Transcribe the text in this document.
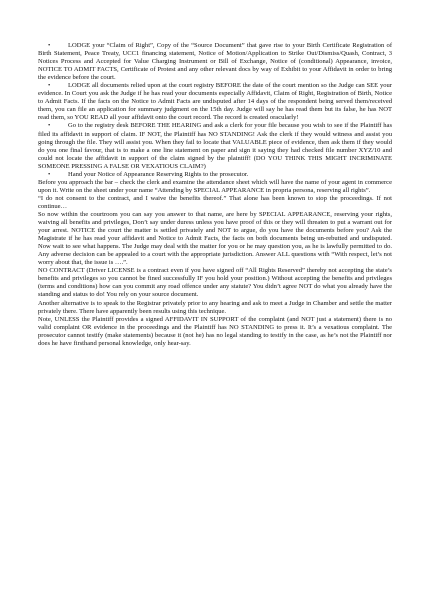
•	LODGE your “Claim of Right”, Copy of the “Source Document” that gave rise to your Birth Certificate Registration of Birth Statement, Peace Treaty, UCC1 financing statement, Notice of Motion/Application to Strike Out/Dismiss/Quash, Contract, 3 Notices Process and Accepted for Value Charging Instrument or Bill of Exchange, Notice of (conditional) Appearance, invoice, NOTICE TO ADMIT FACTS, Certificate of Protest and any other relevant docs by way of Exhibit to your Affidavit in order to bring the evidence before the court.

•	LODGE all documents relied upon at the court registry BEFORE the date of the court mention so the Judge can SEE your evidence. In Court you ask the Judge if he has read your documents especially Affidavit, Claim of Right, Registration of Birth, Notice to Admit Facts. If the facts on the Notice to Admit Facts are undisputed after 14 days of the respondent being served them/received them, you can file an application for summary judgment on the 15th day. Judge will say he has read them but its false, he has NOT read them, so YOU READ all your affidavit onto the court record. The record is created oracularly!

•	Go to the registry desk BEFORE THE HEARING and ask a clerk for your file because you wish to see if the Plaintiff has filed its affidavit in support of claim. IF NOT, the Plaintiff has NO STANDING! Ask the clerk if they would witness and assist you going through the file. They will assist you. When they fail to locate that VALUABLE piece of evidence, then ask them if they would do you one final favour, that is to make a one line statement on paper and sign it saying they had checked file number XYZ/10 and could not locate the affidavit in support of the claim signed by the plaintiff! (DO YOU THINK THIS MIGHT INCRIMINATE SOMEONE PRESSING A FALSE OR VEXATIOUS CLAIM?)

•	Hand your Notice of Appearance Reserving Rights to the prosecutor.

Before you approach the bar – check the clerk and examine the attendance sheet which will have the name of your agent in commerce upon it. Write on the sheet under your name “Attending by SPECIAL APPEARANCE in propria persona, reserving all rights”.

“I do not consent to the contract, and I waive the benefits thereof.” That alone has been known to stop the proceedings. If not continue…

So now within the courtroom you can say you answer to that name, are here by SPECIAL APPEARANCE, reserving your rights, waiving all benefits and privileges, Don’t say under duress unless you have proof of this or they will threaten to put a warrant out for your arrest. NOTICE the court the matter is settled privately and NOT to argue, do you have the documents before you? Ask the Magistrate if he has read your affidavit and Notice to Admit Facts, the facts on both documents being un-rebutted and undisputed. Now wait to see what happens. The Judge may deal with the matter for you or he may question you, as he is lawfully permitted to do. Any adverse decision can be appealed to a court with the appropriate jurisdiction. Answer ALL questions with “With respect, let’s not worry about that, the issue is ….”.

NO CONTRACT (Driver LICENSE is a contract even if you have signed off “All Rights Reserved” thereby not accepting the state’s benefits and privileges so you cannot be fined successfully IF you hold your position.) Without accepting the benefits and privileges (terms and conditions) how can you commit any road offence under any statute? You didn’t agree NOT do what you already have the standing and status to do! You rely on your source document.

Another alternative is to speak to the Registrar privately prior to any hearing and ask to meet a Judge in Chamber and settle the matter privately there. There have apparently been results using this technique.

Note, UNLESS the Plaintiff provides a signed AFFIDAVIT IN SUPPORT of the complaint (and NOT just a statement) there is no valid complaint OR evidence in the proceedings and the Plaintiff has NO STANDING to press it. It’s a vexatious complaint. The prosecutor cannot testify (make statements) because it (not he) has no legal standing to testify in the case, as he’s not the Plaintiff nor does he have firsthand personal knowledge, only hear-say.
